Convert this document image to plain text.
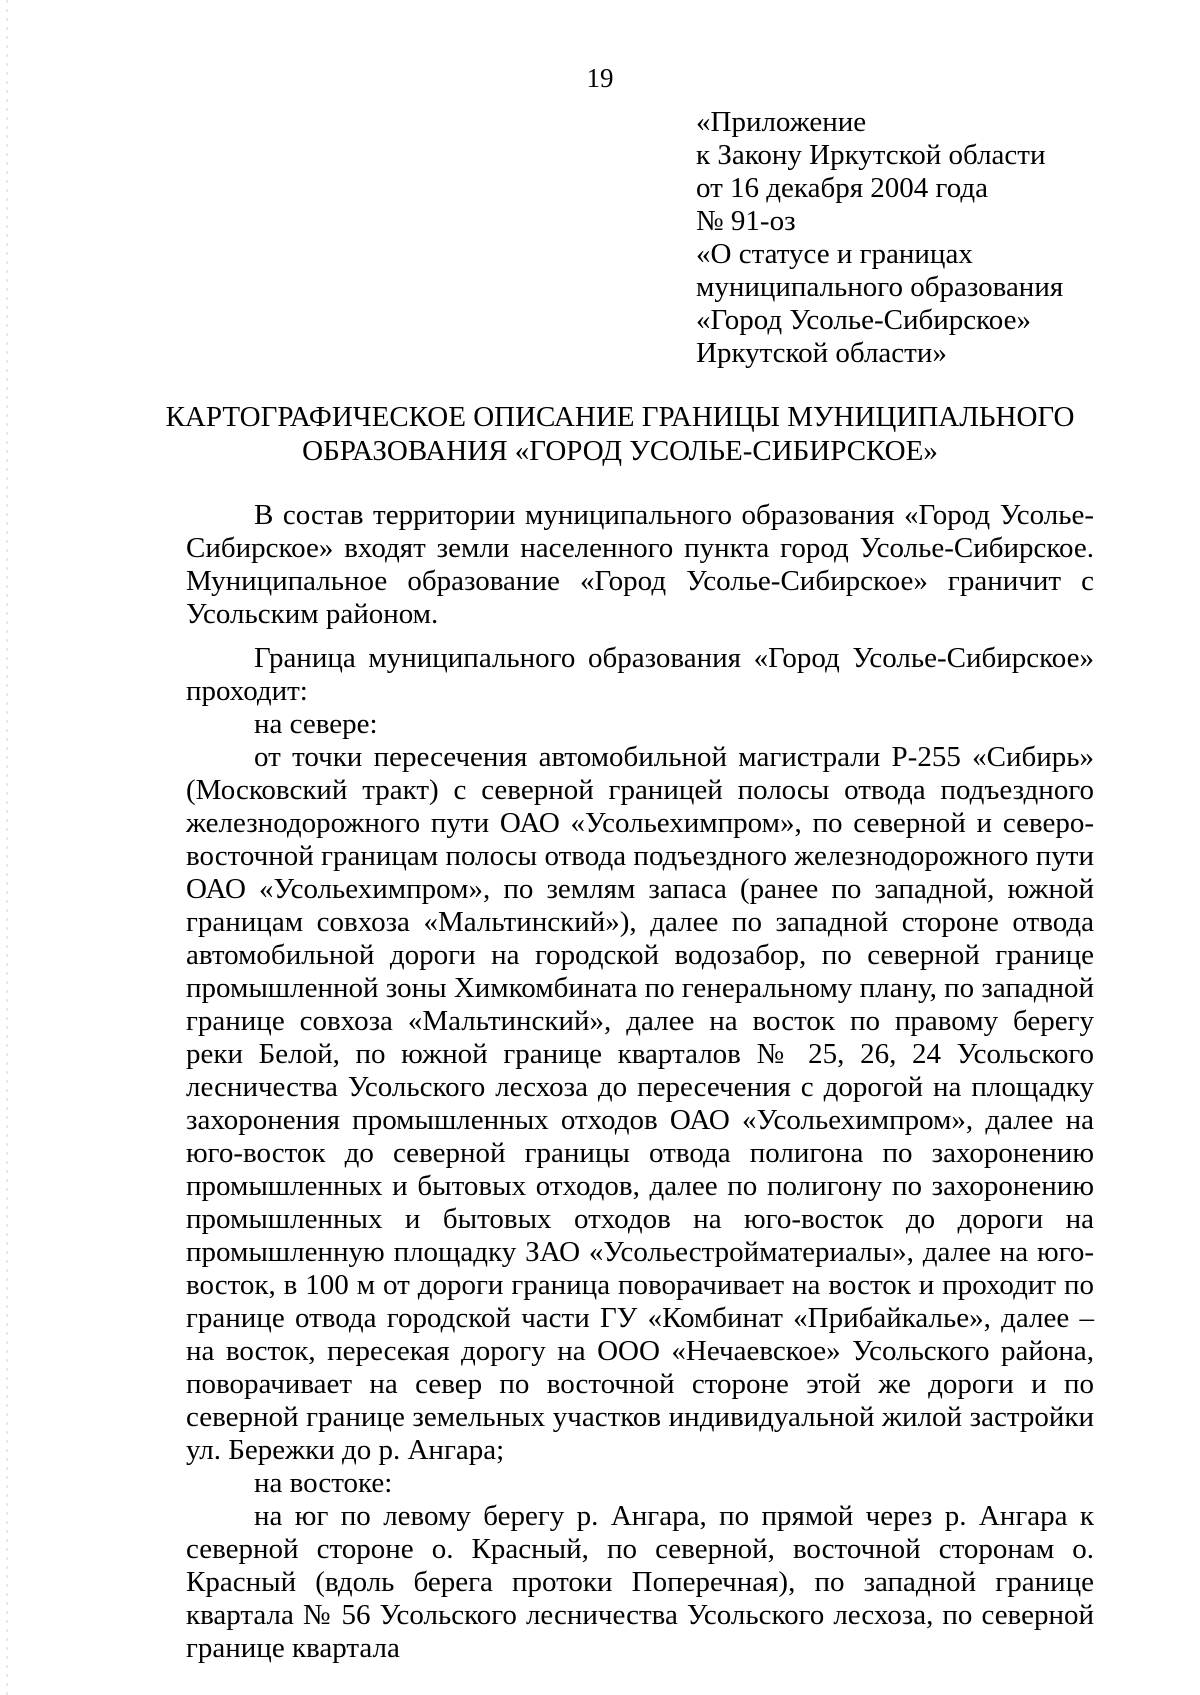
19
«Приложение
к Закону Иркутской области
от 16 декабря 2004 года
№ 91-оз
«О статусе и границах
муниципального образования
«Город Усолье-Сибирское»
Иркутской области»
КАРТОГРАФИЧЕСКОЕ ОПИСАНИЕ ГРАНИЦЫ МУНИЦИПАЛЬНОГО
ОБРАЗОВАНИЯ «ГОРОД УСОЛЬЕ-СИБИРСКОЕ»

В состав территории муниципального образования «Город Усолье-Сибирское» входят земли населенного пункта город Усолье-Сибирское. Муниципальное образование «Город Усолье-Сибирское» граничит с Усольским районом.

Граница муниципального образования «Город Усолье-Сибирское» проходит:

на севере:

от точки пересечения автомобильной магистрали Р-255 «Сибирь» (Московский тракт) с северной границей полосы отвода подъездного железнодорожного пути ОАО «Усольехимпром», по северной и северо-восточной границам полосы отвода подъездного железнодорожного пути ОАО «Усольехимпром», по землям запаса (ранее по западной, южной границам совхоза «Мальтинский»), далее по западной стороне отвода автомобильной дороги на городской водозабор, по северной границе промышленной зоны Химкомбината по генеральному плану, по западной границе совхоза «Мальтинский», далее на восток по правому берегу реки Белой, по южной границе кварталов № 25, 26, 24 Усольского лесничества Усольского лесхоза до пересечения с дорогой на площадку захоронения промышленных отходов ОАО «Усольехимпром», далее на юго-восток до северной границы отвода полигона по захоронению промышленных и бытовых отходов, далее по полигону по захоронению промышленных и бытовых отходов на юго-восток до дороги на промышленную площадку ЗАО «Усольестройматериалы», далее на юго-восток, в 100 м от дороги граница поворачивает на восток и проходит по границе отвода городской части ГУ «Комбинат «Прибайкалье», далее – на восток, пересекая дорогу на ООО «Нечаевское» Усольского района, поворачивает на север по восточной стороне этой же дороги и по северной границе земельных участков индивидуальной жилой застройки ул. Бережки до р. Ангара;

на востоке:

на юг по левому берегу р. Ангара, по прямой через р. Ангара к северной стороне о. Красный, по северной, восточной сторонам о. Красный (вдоль берега протоки Поперечная), по западной границе квартала № 56 Усольского лесничества Усольского лесхоза, по северной границе квартала
